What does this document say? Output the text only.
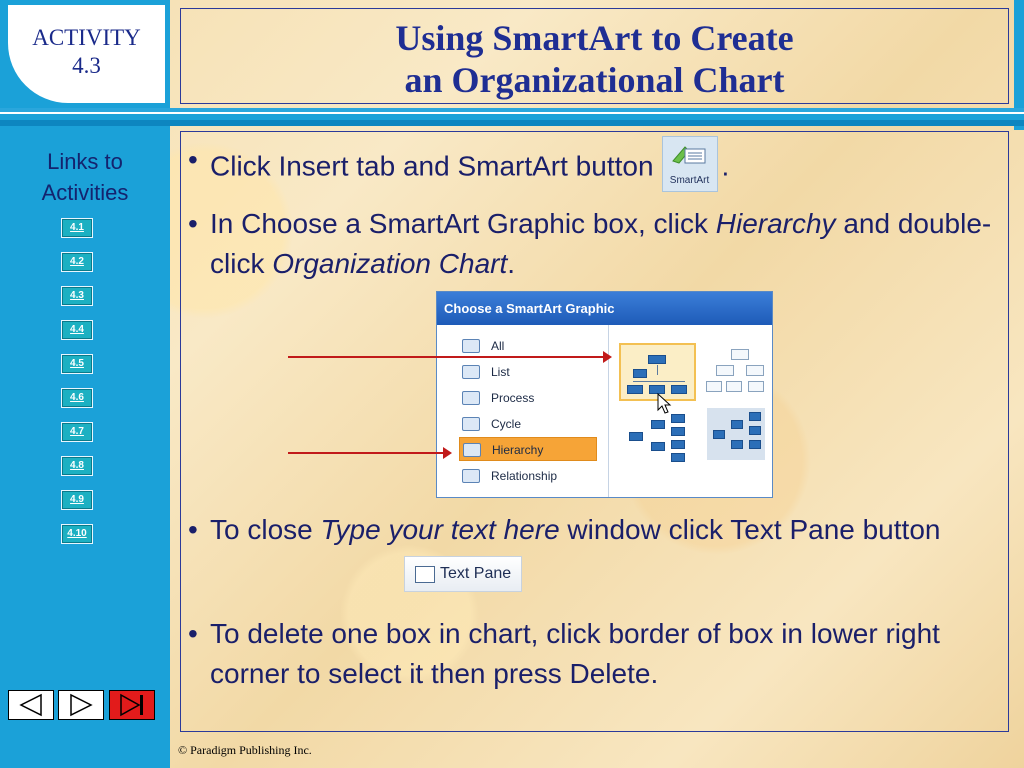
ACTIVITY
4.3
Using SmartArt to Create
an Organizational Chart
Links to
Activities
4.1
4.2
4.3
4.4
4.5
4.6
4.7
4.8
4.9
4.10
• Click Insert tab and SmartArt button	SmartArt .
• In Choose a SmartArt Graphic box, click Hierarchy and double-click Organization Chart.
Choose a SmartArt Graphic
All
List
Process
Cycle
Hierarchy
Relationship
• To close Type your text here window click Text Pane button
Text Pane
• To delete one box in chart, click border of box in lower right corner to select it then press Delete.
© Paradigm Publishing Inc.
